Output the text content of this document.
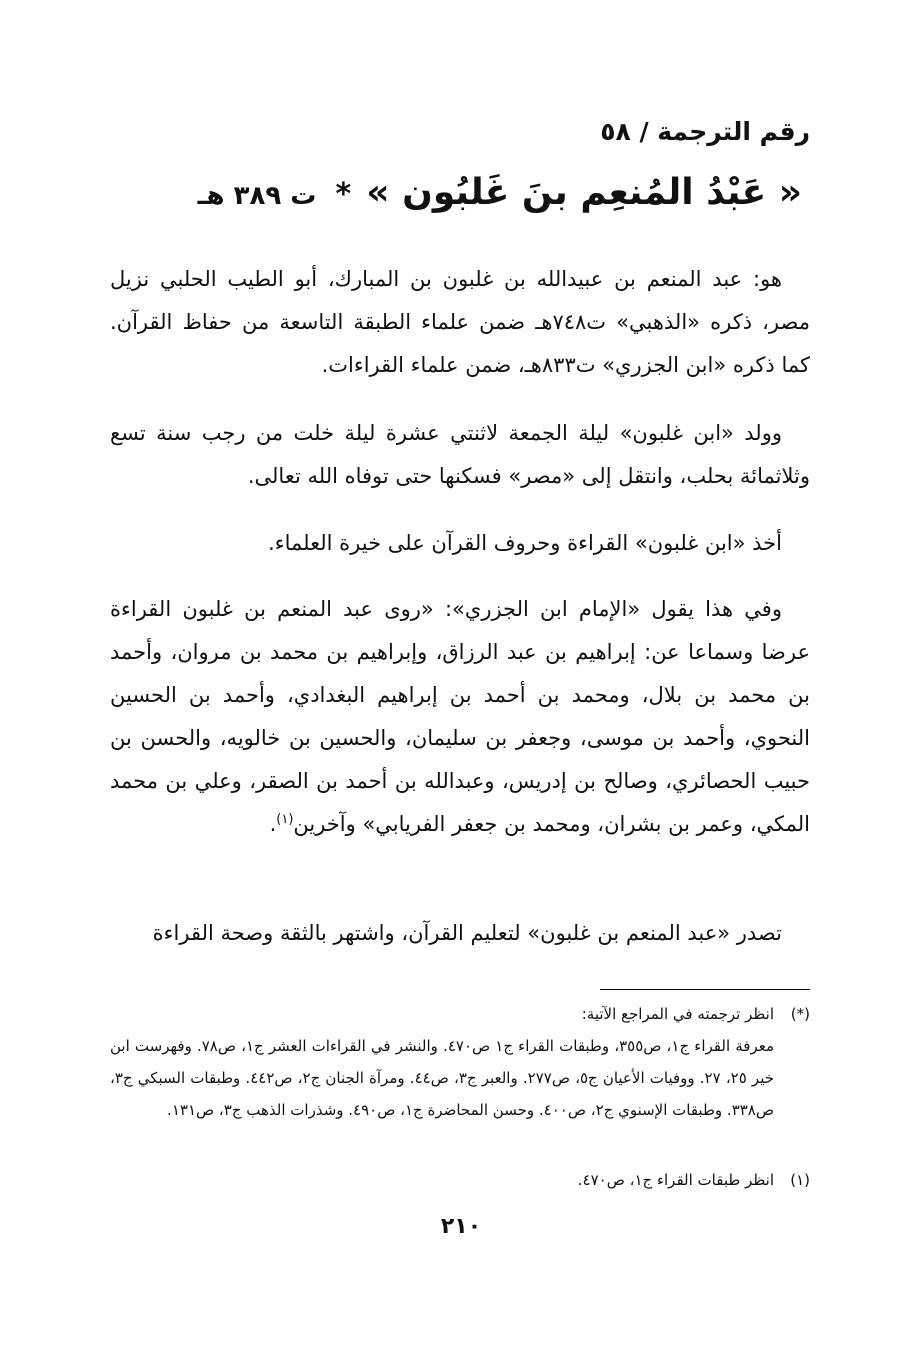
رقم الترجمة / ٥٨
« عَبْدُ المُنعِم بنَ غَلبُون » * ت ٣٨٩ هـ
هو: عبد المنعم بن عبيدالله بن غلبون بن المبارك، أبو الطيب الحلبي نزيل مصر، ذكره «الذهبي» ت٧٤٨هـ ضمن علماء الطبقة التاسعة من حفاظ القرآن. كما ذكره «ابن الجزري» ت٨٣٣هـ، ضمن علماء القراءات.
وولد «ابن غلبون» ليلة الجمعة لاثنتي عشرة ليلة خلت من رجب سنة تسع وثلاثمائة بحلب، وانتقل إلى «مصر» فسكنها حتى توفاه الله تعالى.
أخذ «ابن غلبون» القراءة وحروف القرآن على خيرة العلماء.
وفي هذا يقول «الإمام ابن الجزري»: «روى عبد المنعم بن غلبون القراءة عرضا وسماعا عن: إبراهيم بن عبد الرزاق، وإبراهيم بن محمد بن مروان، وأحمد بن محمد بن بلال، ومحمد بن أحمد بن إبراهيم البغدادي، وأحمد بن الحسين النحوي، وأحمد بن موسى، وجعفر بن سليمان، والحسين بن خالويه، والحسن بن حبيب الحصائري، وصالح بن إدريس، وعبدالله بن أحمد بن الصقر، وعلي بن محمد المكي، وعمر بن بشران، ومحمد بن جعفر الفريابي» وآخرين$^{(١)}$.
تصدر «عبد المنعم بن غلبون» لتعليم القرآن، واشتهر بالثقة وصحة القراءة
(*)انظر ترجمته في المراجع الآتية:
معرفة القراء ج١، ص٣٥٥، وطبقات القراء ج١ ص٤٧٠. والنشر في القراءات العشر ج١، ص٧٨. وفهرست ابن خير ٢٥، ٢٧. ووفيات الأعيان ج٥، ص٢٧٧. والعبر ج٣، ص٤٤. ومرآة الجنان ج٢، ص٤٤٢. وطبقات السبكي ج٣، ص٣٣٨. وطبقات الإسنوي ج٢، ص٤٠٠. وحسن المحاضرة ج١، ص٤٩٠. وشذرات الذهب ج٣، ص١٣١.
(١)انظر طبقات القراء ج١، ص٤٧٠.
٢١٠
